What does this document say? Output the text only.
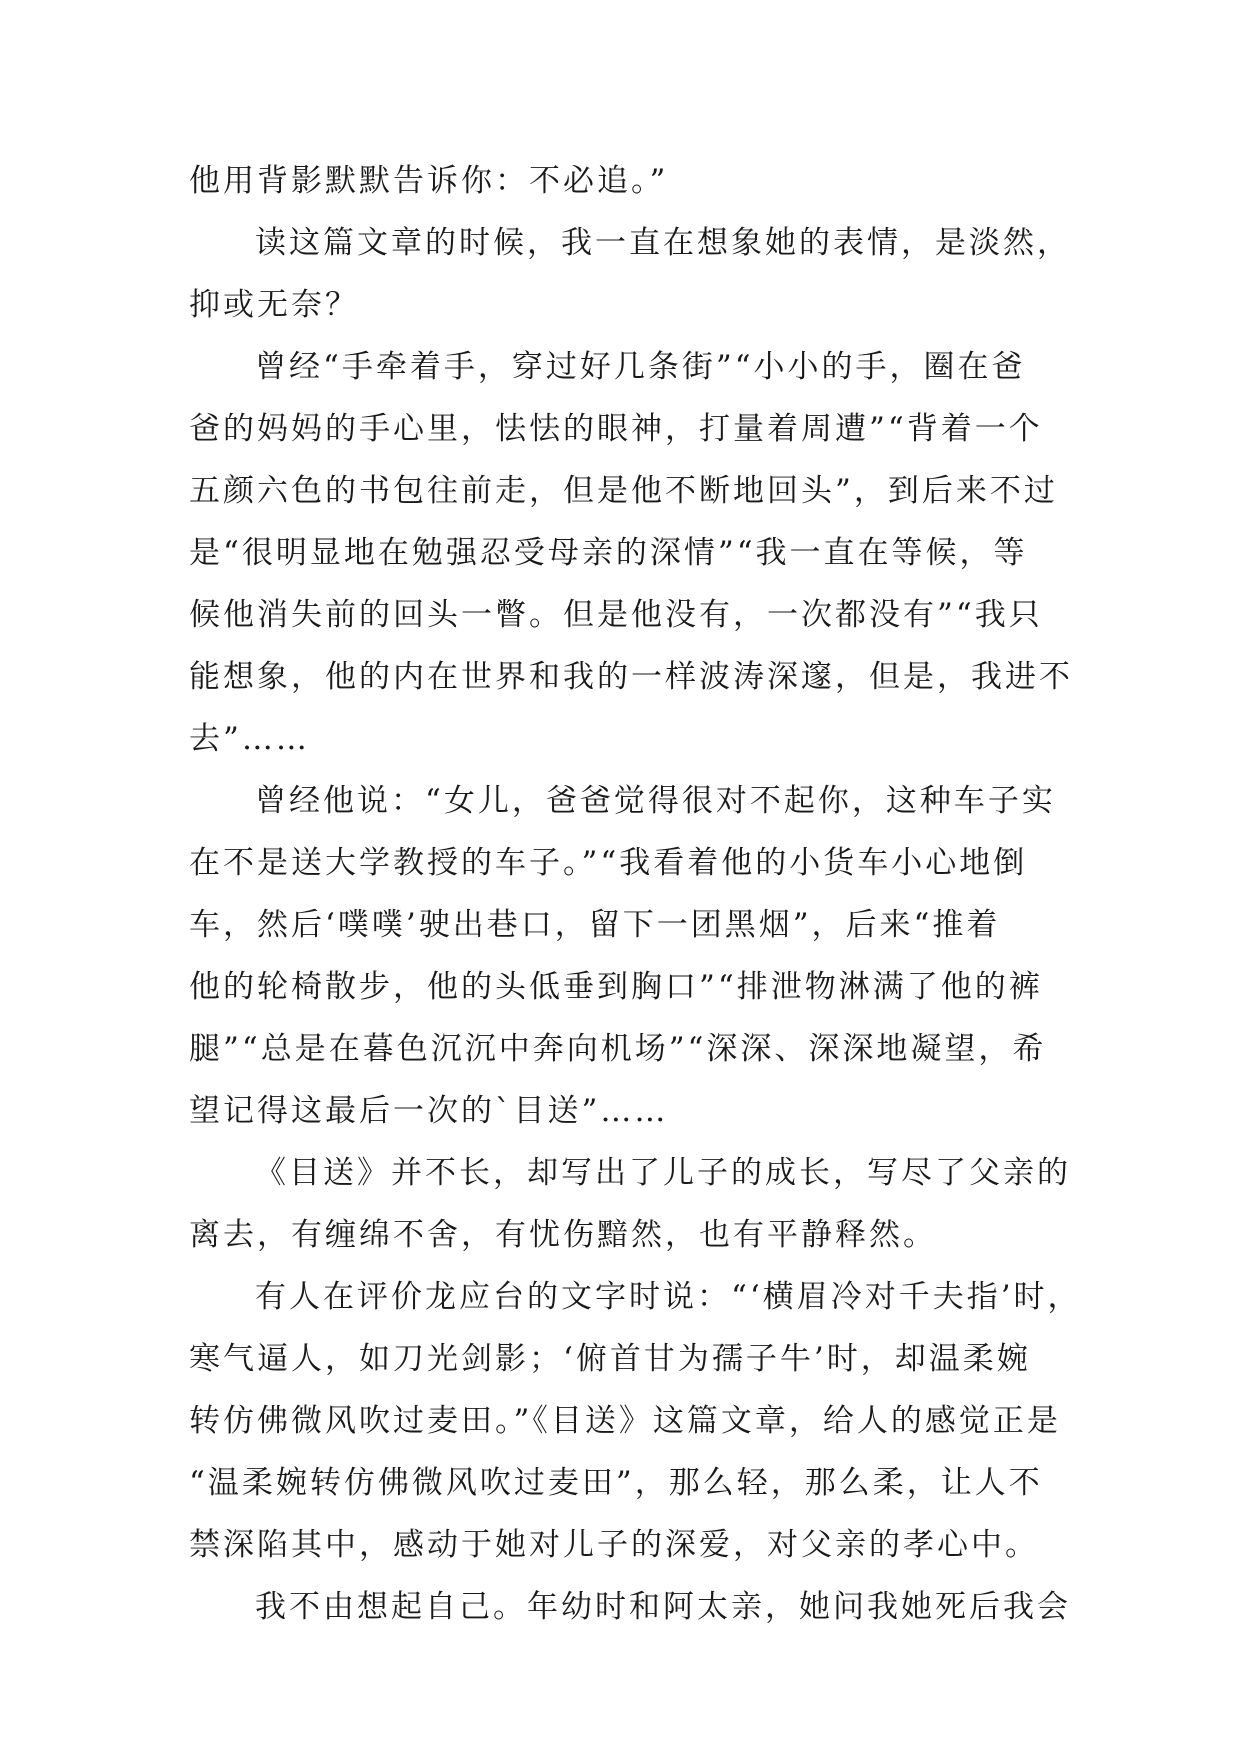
他用背影默默告诉你：不必追。”
读这篇文章的时候，我一直在想象她的表情，是淡然，
抑或无奈？
曾经“手牵着手，穿过好几条街”“小小的手，圈在爸
爸的妈妈的手心里，怯怯的眼神，打量着周遭”“背着一个
五颜六色的书包往前走，但是他不断地回头”，到后来不过
是“很明显地在勉强忍受母亲的深情”“我一直在等候，等
候他消失前的回头一瞥。但是他没有，一次都没有”“我只
能想象，他的内在世界和我的一样波涛深邃，但是，我进不
去”……
曾经他说：“女儿，爸爸觉得很对不起你，这种车子实
在不是送大学教授的车子。”“我看着他的小货车小心地倒
车，然后‘噗噗’驶出巷口，留下一团黑烟”，后来“推着
他的轮椅散步，他的头低垂到胸口”“排泄物淋满了他的裤
腿”“总是在暮色沉沉中奔向机场”“深深、深深地凝望，希
望记得这最后一次的`目送”……
《目送》并不长，却写出了儿子的成长，写尽了父亲的
离去，有缠绵不舍，有忧伤黯然，也有平静释然。
有人在评价龙应台的文字时说：“‘横眉冷对千夫指’时，
寒气逼人，如刀光剑影；‘俯首甘为孺子牛’时，却温柔婉
转仿佛微风吹过麦田。”《目送》这篇文章，给人的感觉正是
“温柔婉转仿佛微风吹过麦田”，那么轻，那么柔，让人不
禁深陷其中，感动于她对儿子的深爱，对父亲的孝心中。
我不由想起自己。年幼时和阿太亲，她问我她死后我会
